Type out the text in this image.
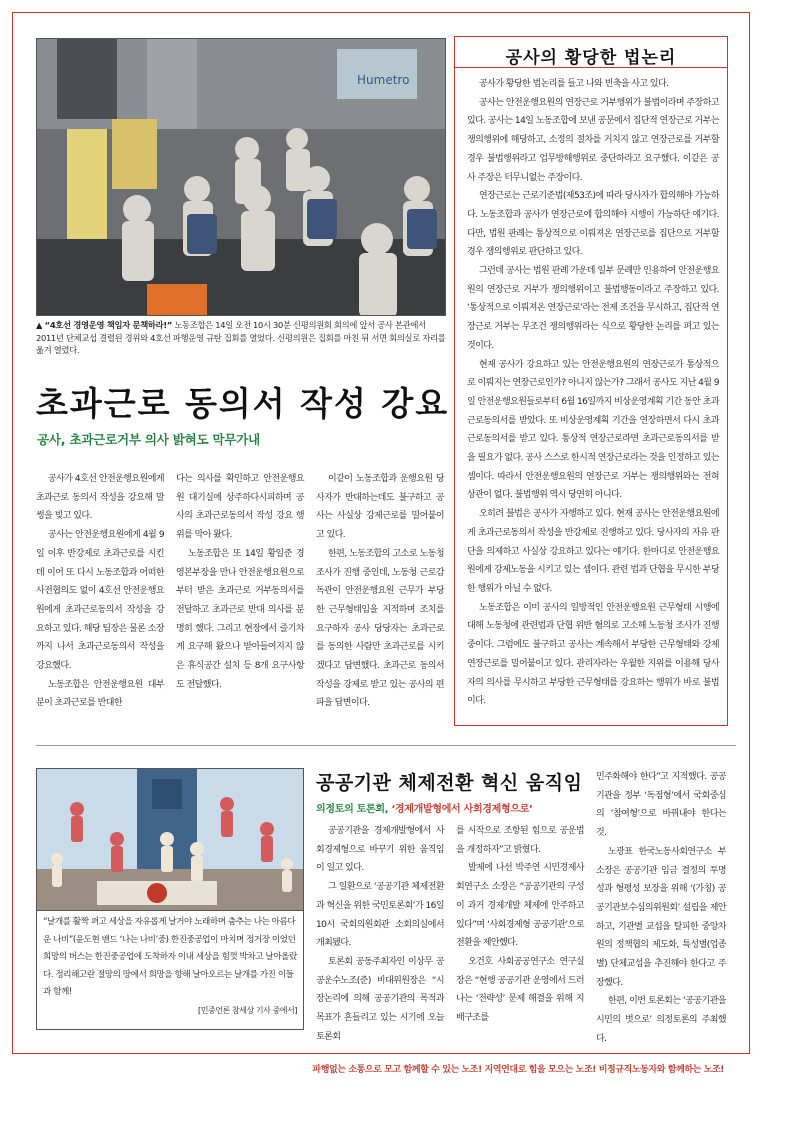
Humetro
▲ “4호선 경영운영 책임자 문책하라!” 노동조합은 14일 오전 10시 30분 신평의원회 회의에 앞서 공사 본관에서 2011년 단체교섭 결렬된 경위와 4호선 파행운영 규탄 집회를 열었다. 신평의원은 집회를 마친 뒤 서면 회의실로 자리를 옮겨 열렸다.
공사의 황당한 법논리

공사가 황당한 법논리를 들고 나와 빈축을 사고 있다.

공사는 안전운행요원의 연장근로 거부행위가 불법이라며 주장하고 있다. 공사는 14일 노동조합에 보낸 공문에서 집단적 연장근로 거부는 쟁의행위에 해당하고, 소정의 절차를 거치지 않고 연장근로를 거부할 경우 불법행위라고 업무방해행위로 중단하라고 요구했다. 이같은 공사 주장은 터무니없는 주장이다.

연장근로는 근로기준법(제53조)에 따라 당사자가 합의해야 가능하다. 노동조합과 공사가 연장근로에 합의해야 시행이 가능하단 얘기다. 다만, 법원 판례는 통상적으로 이뤄져온 연장근로를 집단으로 거부할 경우 쟁의행위로 판단하고 있다.

그런데 공사는 법원 판례 가운데 일부 문례만 인용하여 안전운행요원의 연장근로 거부가 쟁의행위이고 불법행동이라고 주장하고 있다. ‘통상적으로 이뤄져온 연장근로’라는 전제 조건을 무시하고, 집단적 연장근로 거부는 무조건 쟁의행위라는 식으로 황당한 논리를 펴고 있는 것이다.

현재 공사가 강요하고 있는 안전운행요원의 연장근로가 통상적으로 이뤄지는 연장근로인가? 아니지 않는가? 그래서 공사도 지난 4월 9일 안전운행요원들로부터 6월 16일까지 비상운영계획 기간 동안 초과근로동의서를 받았다. 또 비상운영계획 기간을 연장하면서 다시 초과근로동의서를 받고 있다. 통상적 연장근로라면 초과근로동의서를 받을 필요가 없다. 공사 스스로 한시적 연장근로라는 것을 인정하고 있는 셈이다. 따라서 안전운행요원의 연장근로 거부는 쟁의행위와는 전혀 상관이 없다. 불법행위 역시 당연히 아니다.

오히려 불법은 공사가 자행하고 있다. 현재 공사는 안전운행요원에게 초과근로동의서 작성을 반강제로 진행하고 있다. 당사자의 자유 판단을 의제하고 사실상 강요하고 있다는 얘기다. 한마디로 안전운행요원에게 강제노동을 시키고 있는 셈이다. 관련 법과 단협을 무시한 부당한 행위가 아닐 수 없다.

노동조합은 이미 공사의 일방적인 안전운행요원 근무형태 시행에 대해 노동청에 관련법과 단협 위반 혐의로 고소해 노동청 조사가 진행 중이다. 그럼에도 불구하고 공사는 계속해서 부당한 근무형태와 강제연장근로를 밀어붙이고 있다. 관리자라는 우월한 지위를 이용해 당사자의 의사를 무시하고 부당한 근무형태를 강요하는 행위가 바로 불법이다.

초과근로 동의서 작성 강요
공사, 초과근로거부 의사 밝혀도 막무가내

공사가 4호선 안전운행요원에게 초과근로 동의서 작성을 강요해 말썽을 빚고 있다.

공사는 안전운행요원에게 4월 9일 이후 반강제로 초과근로를 시킨데 이어 또 다시 노동조합과 어떠한 사전협의도 없이 4호선 안전운행요원에게 초과근로동의서 작성을 강요하고 있다. 해당 팀장은 물론 소장까지 나서 초과근로동의서 작성을 강요했다.

노동조합은 안전운행요원 대부분이 초과근로를 반대한

다는 의사를 확인하고 안전운행요원 대기실에 상주하다시피하며 공사의 초과근로동의서 작성 강요 행위를 막아 왔다.

노동조합은 또 14일 황일준 경영본부장을 만나 안전운행요원으로부터 받은 초과근로 거부동의서를 전달하고 초과근로 반대 의사를 분명히 했다. 그리고 현장에서 즐기차게 요구해 왔으나 받아들여지지 않은 휴식공간 설치 등 8개 요구사항도 전달했다.

이같이 노동조합과 운행요원 당사자가 반대하는데도 불구하고 공사는 사실상 강제근로를 밀어붙이고 있다.

한편, 노동조합의 고소로 노동청 조사가 진행 중인데, 노동청 근로감독관이 안전운행요원 근무가 부당한 근무형태임을 지적하며 조치를 요구하자 공사 당당자는 초과근로를 동의한 사람만 초과근로를 시키겠다고 답변했다. 초과근로 동의서 작성을 강제로 받고 있는 공사의 편파을 답변이다.

“날개를 활짝 펴고 세상을 자유롭게 날거야 노래하며 춤추는 나는 아름다운 나비”(윤도현 밴드 ‘나는 나비’중) 한진중공업이 마치며 정거장 이었던 희망의 버스는 한진중공업에 도착하자 이내 세상을 힘껏 박차고 날아올랐다. 정리해고란 절망의 땅에서 희망을 향해 날아오르는 날개를 가진 이들과 함께!
[민중언론 참세상 기사 중에서]
공공기관 체제전환 혁신 움직임
의정토의 토론회, ‘경제개발형에서 사회경제형으로’

공공기관을 경제개발형에서 사회경제형으로 바꾸기 위한 움직임이 일고 있다.

그 일환으로 ‘공공기관 체제전환과 혁신을 위한 국민토론회’가 16일 10시 국회의원회관 소회의실에서 개최됐다.

토론회 공동주최자인 이상무 공공운수노조(준) 비대위원장은 “시장논리에 의해 공공기관의 목적과 목표가 흔들리고 있는 시기에 오늘 토론회

를 시작으로 조항된 힘으로 공운법을 개정하자”고 밝혔다.

발제에 나선 박주연 시민경제사회연구소 소장은 “공공기관의 구성이 과거 경제개발 체제에 안주하고 있다”며 ‘사회경제형 공공기관’으로 전환을 제안했다.

오건호 사회공공연구소 연구실장은 “현행 공공기관 운영에서 드러나는 ‘전략성’ 문제 해결을 위해 지배구조를

민주화해야 한다”고 지적했다. 공공기관을 정부 ‘독점형’에서 국회중심의 ‘참여형’으로 바꿔내야 한다는 것.

노광표 한국노동사회연구소 부소장은 공공기관 임금 결정의 투명성과 형평성 보장을 위해 ‘(가칭) 공공기관보수심의위원회’ 설립을 제안하고, 기관별 교섭을 탈피한 중앙차원의 정책협의 제도화, 특성별(업종별) 단체교섭을 추진해야 한다고 주장했다.

한편, 이번 토론회는 ‘공공기관을 시민의 벗으로’ 의정토론의 주최했다.

파행없는 소통으로 모고 함께할 수 있는 노조! 지역연대로 힘을 모으는 노조! 비정규직노동자와 함께하는 노조!
